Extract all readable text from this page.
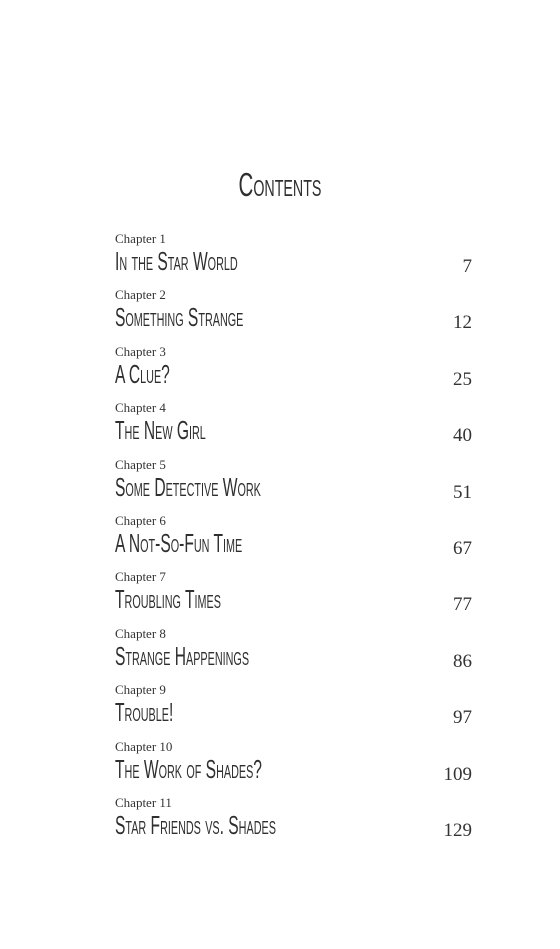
Contents
Chapter 1
In the Star World	7
Chapter 2
Something Strange	12
Chapter 3
A Clue?	25
Chapter 4
The New Girl	40
Chapter 5
Some Detective Work	51
Chapter 6
A Not-So-Fun Time	67
Chapter 7
Troubling Times	77
Chapter 8
Strange Happenings	86
Chapter 9
Trouble!	97
Chapter 10
The Work of Shades?	109
Chapter 11
Star Friends vs. Shades	129
